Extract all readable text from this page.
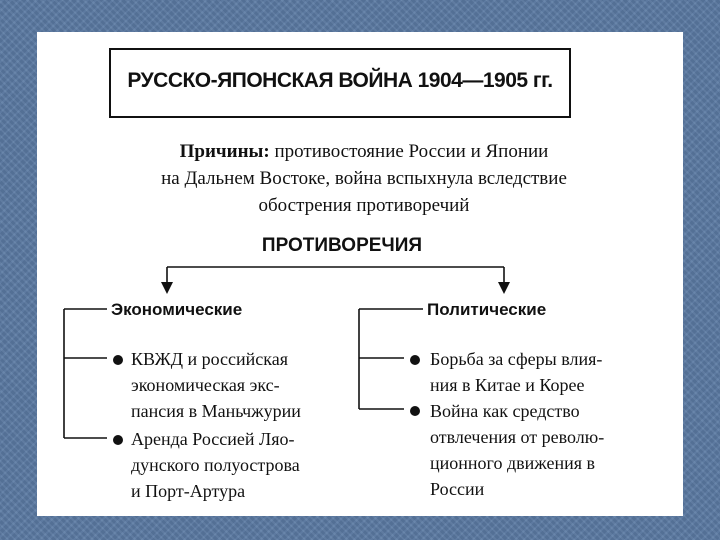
РУССКО-ЯПОНСКАЯ ВОЙНА 1904—1905 гг.
Причины: противостояние России и Японии
на Дальнем Востоке, война вспыхнула вследствие
обострения противоречий
ПРОТИВОРЕЧИЯ
Экономические	Политические
КВЖД и российская
экономическая экс-
пансия в Маньчжурии
Аренда Россией Ляо-
дунского полуострова
и Порт-Артура
Борьба за сферы влия-
ния в Китае и Корее
Война как средство
отвлечения от револю-
ционного движения в
России
